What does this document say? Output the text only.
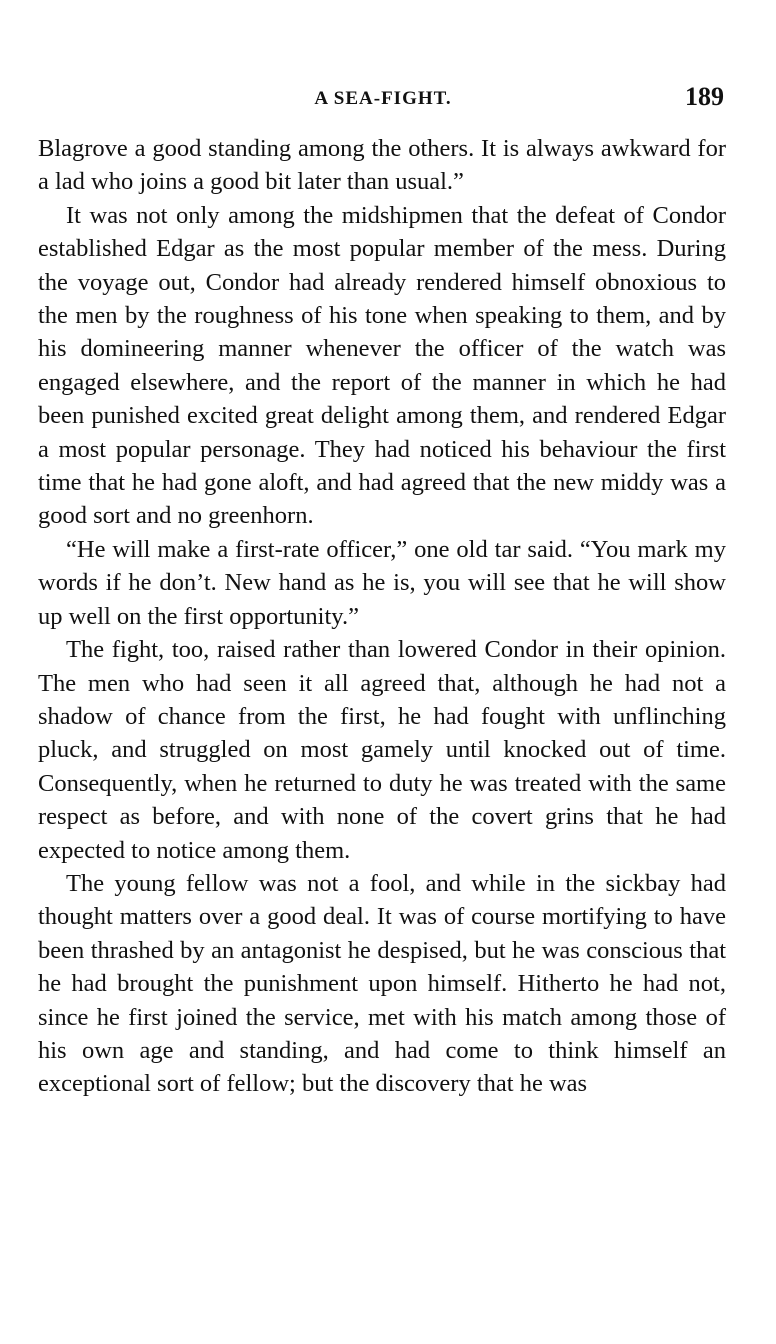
A SEA-FIGHT.	189

Blagrove a good standing among the others. It is always awkward for a lad who joins a good bit later than usual.”

It was not only among the midshipmen that the defeat of Condor established Edgar as the most popular member of the mess. During the voyage out, Condor had already rendered himself obnoxious to the men by the roughness of his tone when speaking to them, and by his domineering manner whenever the officer of the watch was engaged elsewhere, and the report of the manner in which he had been punished excited great delight among them, and rendered Edgar a most popular personage. They had noticed his behaviour the first time that he had gone aloft, and had agreed that the new middy was a good sort and no greenhorn.

“He will make a first-rate officer,” one old tar said. “You mark my words if he don’t. New hand as he is, you will see that he will show up well on the first opportunity.”

The fight, too, raised rather than lowered Condor in their opinion. The men who had seen it all agreed that, although he had not a shadow of chance from the first, he had fought with unflinching pluck, and struggled on most gamely until knocked out of time. Consequently, when he returned to duty he was treated with the same respect as before, and with none of the covert grins that he had expected to notice among them.

The young fellow was not a fool, and while in the sickbay had thought matters over a good deal. It was of course mortifying to have been thrashed by an antagonist he despised, but he was conscious that he had brought the punishment upon himself. Hitherto he had not, since he first joined the service, met with his match among those of his own age and standing, and had come to think himself an exceptional sort of fellow; but the discovery that he was
